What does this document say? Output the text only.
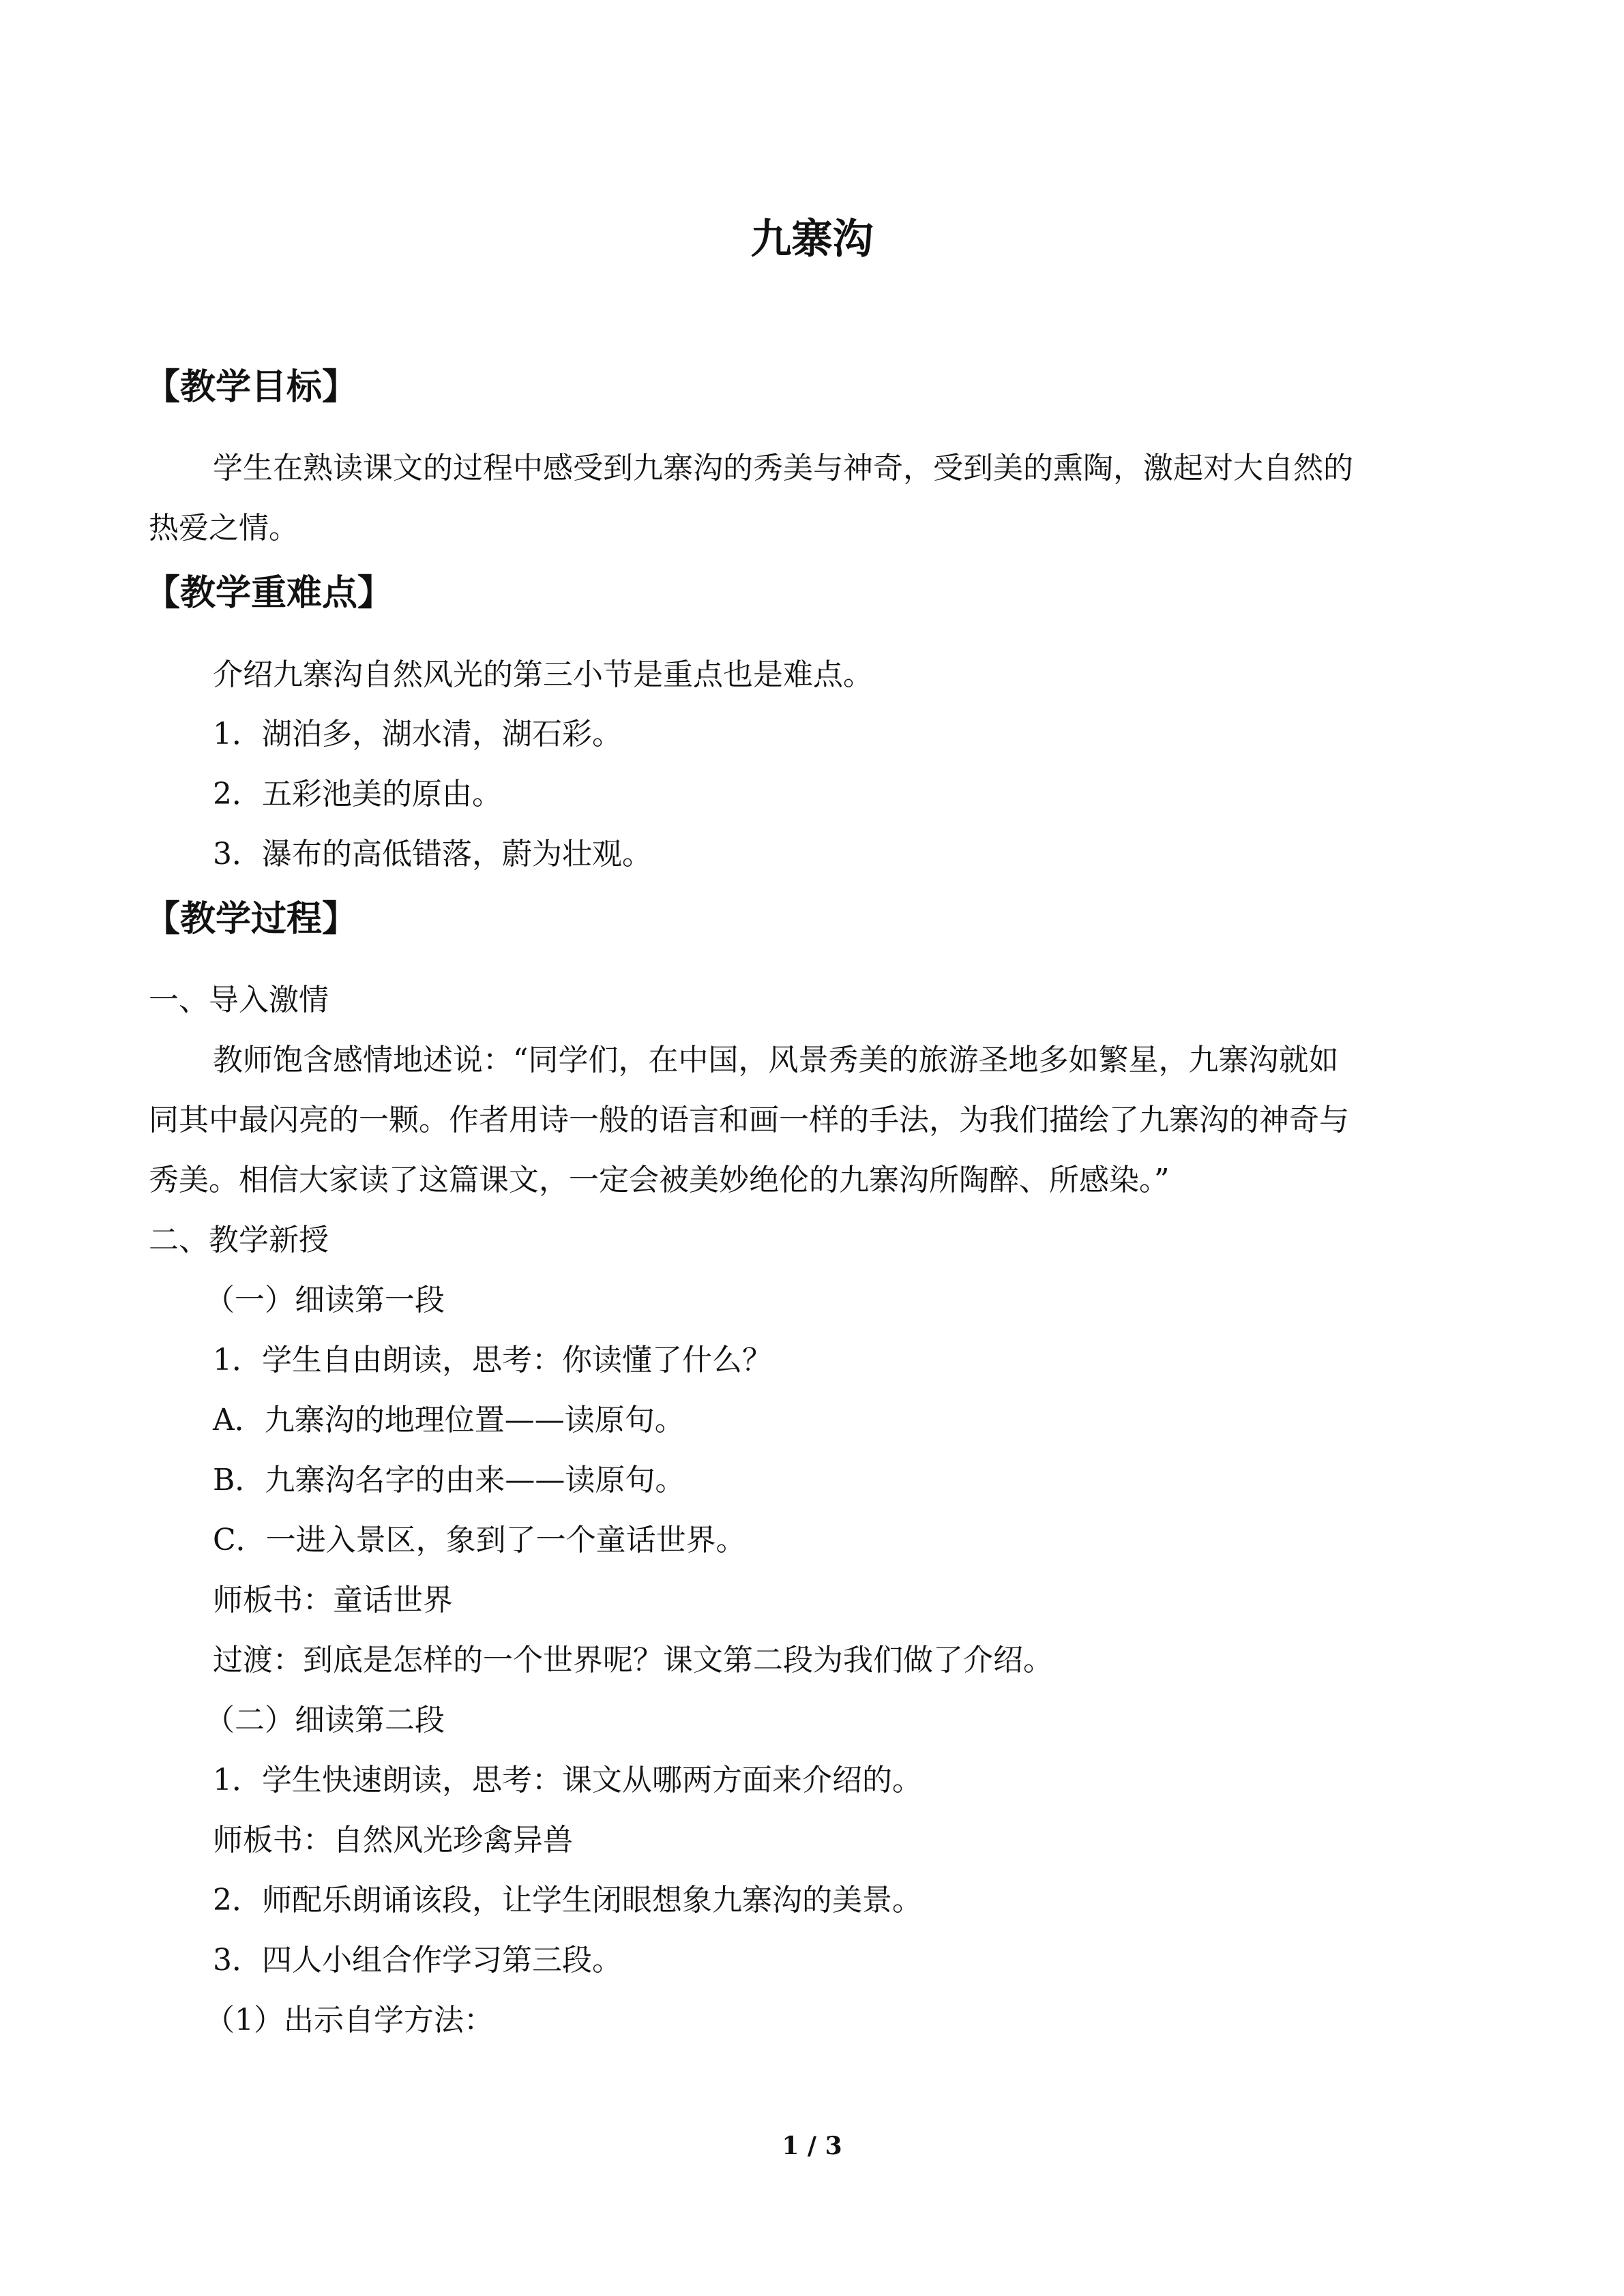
九寨沟
【教学目标】

学生在熟读课文的过程中感受到九寨沟的秀美与神奇，受到美的熏陶，激起对大自然的

热爱之情。

【教学重难点】

介绍九寨沟自然风光的第三小节是重点也是难点。

1．湖泊多，湖水清，湖石彩。

2．五彩池美的原由。

3．瀑布的高低错落，蔚为壮观。

【教学过程】

一、导入激情

教师饱含感情地述说：“同学们，在中国，风景秀美的旅游圣地多如繁星，九寨沟就如

同其中最闪亮的一颗。作者用诗一般的语言和画一样的手法，为我们描绘了九寨沟的神奇与

秀美。相信大家读了这篇课文，一定会被美妙绝伦的九寨沟所陶醉、所感染。”

二、教学新授

（一）细读第一段

1．学生自由朗读，思考：你读懂了什么？

A．九寨沟的地理位置——读原句。

B．九寨沟名字的由来——读原句。

C．一进入景区，象到了一个童话世界。

师板书：童话世界

过渡：到底是怎样的一个世界呢？课文第二段为我们做了介绍。

（二）细读第二段

1．学生快速朗读，思考：课文从哪两方面来介绍的。

师板书：自然风光珍禽异兽

2．师配乐朗诵该段，让学生闭眼想象九寨沟的美景。

3．四人小组合作学习第三段。

（1）出示自学方法：

1 / 3
